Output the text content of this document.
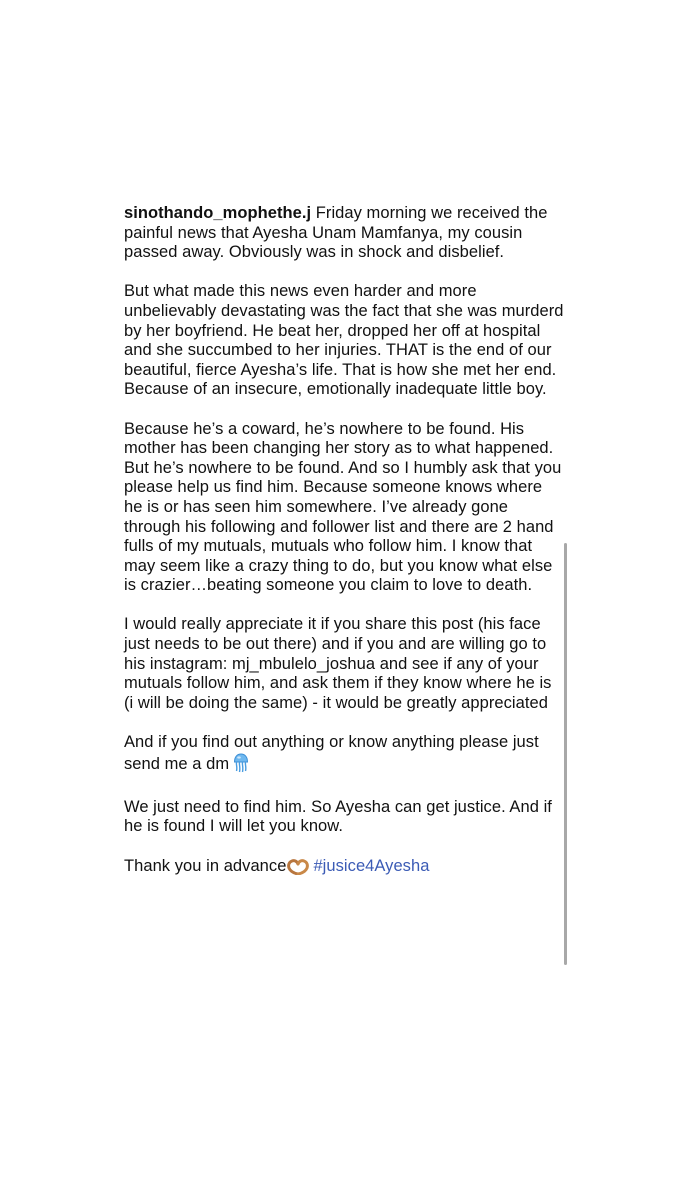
sinothando_mophethe.j Friday morning we received the painful news that Ayesha Unam Mamfanya, my cousin passed away. Obviously was in shock and disbelief.

But what made this news even harder and more unbelievably devastating was the fact that she was murderd by her boyfriend. He beat her, dropped her off at hospital and she succumbed to her injuries. THAT is the end of our beautiful, fierce Ayesha’s life. That is how she met her end. Because of an insecure, emotionally inadequate little boy.

Because he’s a coward, he’s nowhere to be found. His mother has been changing her story as to what happened. But he’s nowhere to be found. And so I humbly ask that you please help us find him. Because someone knows where he is or has seen him somewhere. I’ve already gone through his following and follower list and there are 2 hand fulls of my mutuals, mutuals who follow him. I know that may seem like a crazy thing to do, but you know what else is crazier…beating someone you claim to love to death.

I would really appreciate it if you share this post (his face just needs to be out there) and if you and are willing go to his instagram: mj_mbulelo_joshua and see if any of your mutuals follow him, and ask them if they know where he is (i will be doing the same) - it would be greatly appreciated

And if you find out anything or know anything please just send me a dm

We just need to find him. So Ayesha can get justice. And if he is found I will let you know.

Thank you in advance #jusice4Ayesha
